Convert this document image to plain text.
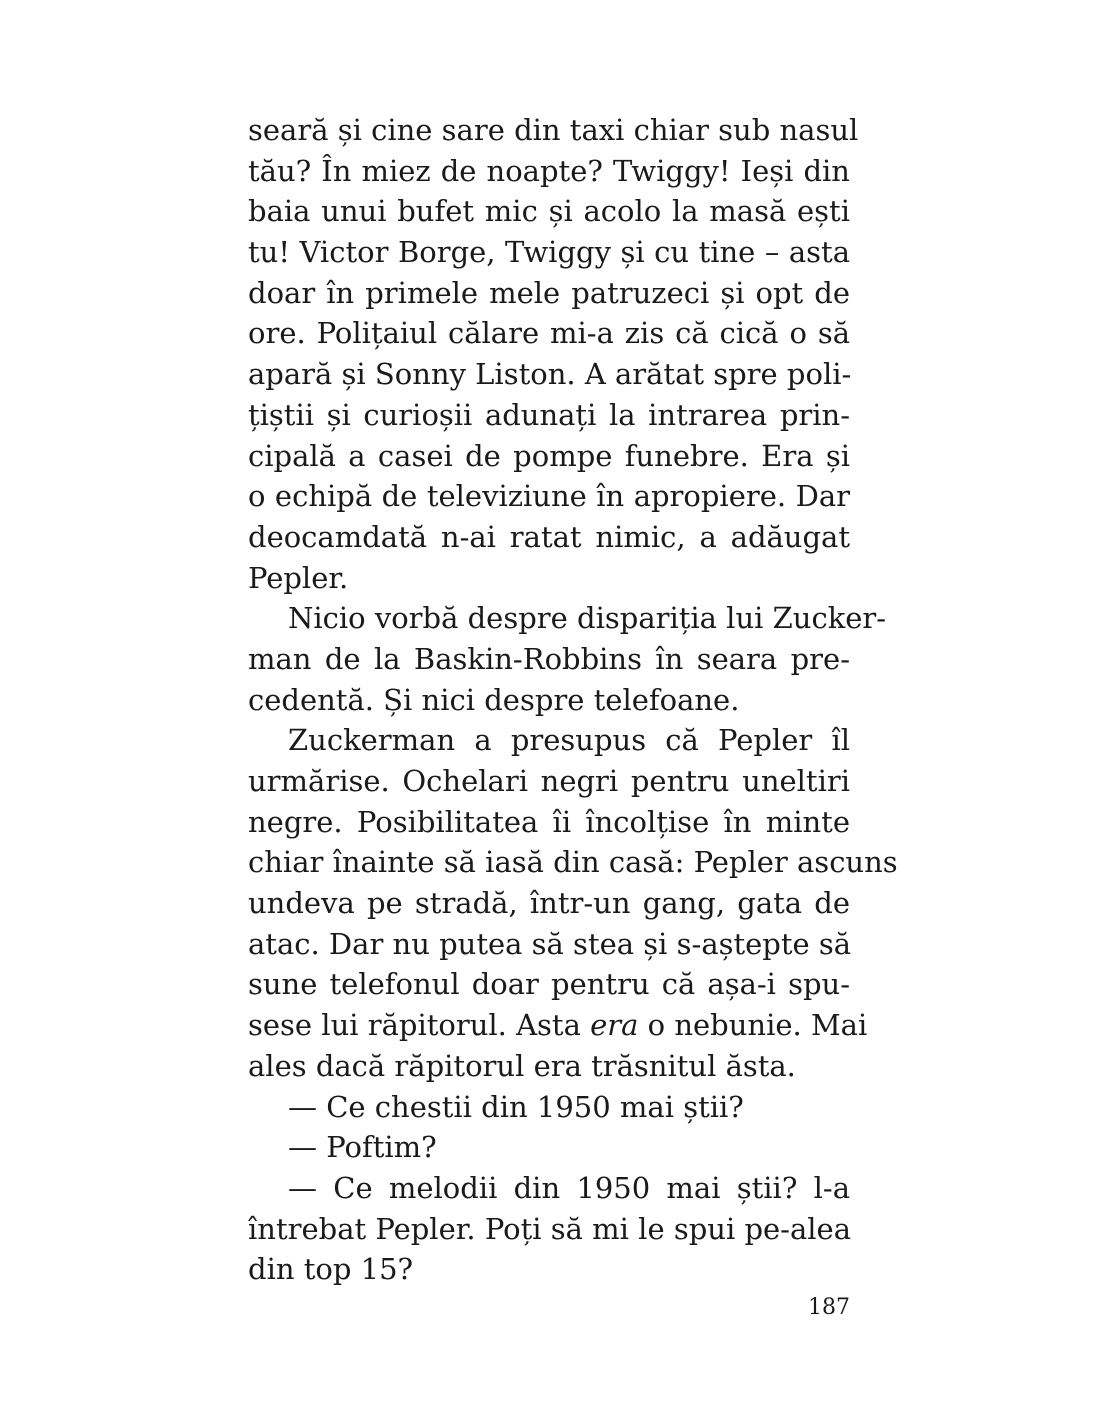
seară și cine sare din taxi chiar sub nasul
tău? În miez de noapte? Twiggy! Ieși din
baia unui bufet mic și acolo la masă ești
tu! Victor Borge, Twiggy și cu tine – asta
doar în primele mele patruzeci și opt de
ore. Polițaiul călare mi-a zis că cică o să
apară și Sonny Liston. A arătat spre poli-
țiștii și curioșii adunați la intrarea prin-
cipală a casei de pompe funebre. Era și
o echipă de televiziune în apropiere. Dar
deocamdată n-ai ratat nimic, a adăugat
Pepler.
Nicio vorbă despre dispariția lui Zucker-
man de la Baskin-Robbins în seara pre-
cedentă. Și nici despre telefoane.
Zuckerman a presupus că Pepler îl
urmărise. Ochelari negri pentru uneltiri
negre. Posibilitatea îi încolțise în minte
chiar înainte să iasă din casă: Pepler ascuns
undeva pe stradă, într-un gang, gata de
atac. Dar nu putea să stea și s-aștepte să
sune telefonul doar pentru că așa-i spu-
sese lui răpitorul. Asta era o nebunie. Mai
ales dacă răpitorul era trăsnitul ăsta.
— Ce chestii din 1950 mai știi?
— Poftim?
— Ce melodii din 1950 mai știi? l-a
întrebat Pepler. Poți să mi le spui pe-alea
din top 15?
187
